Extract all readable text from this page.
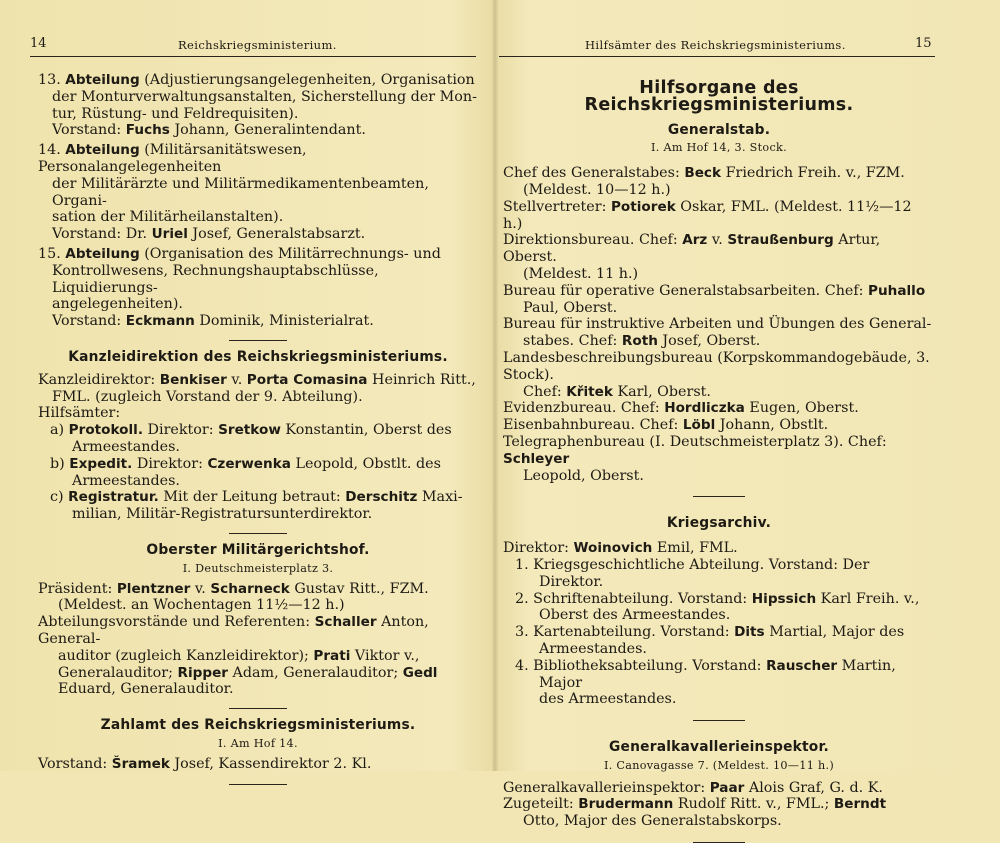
14	Reichskriegsministerium.

13. Abteilung (Adjustierungsangelegenheiten, Organisation

der Monturverwaltungsanstalten, Sicherstellung der Mon-

tur, Rüstung- und Feldrequisiten).

Vorstand: Fuchs Johann, Generalintendant.

14. Abteilung (Militärsanitätswesen, Personalangelegenheiten

der Militärärzte und Militärmedikamentenbeamten, Organi-

sation der Militärheilanstalten).

Vorstand: Dr. Uriel Josef, Generalstabsarzt.

15. Abteilung (Organisation des Militärrechnungs- und

Kontrollwesens, Rechnungshauptabschlüsse, Liquidierungs-

angelegenheiten).

Vorstand: Eckmann Dominik, Ministerialrat.

Kanzleidirektion des Reichskriegsministeriums.

Kanzleidirektor: Benkiser v. Porta Comasina Heinrich Ritt.,

FML. (zugleich Vorstand der 9. Abteilung).

Hilfsämter:

a) Protokoll. Direktor: Sretkow Konstantin, Oberst des

Armeestandes.

b) Expedit. Direktor: Czerwenka Leopold, Obstlt. des

Armeestandes.

c) Registratur. Mit der Leitung betraut: Derschitz Maxi-

milian, Militär-Registratursunterdirektor.

Oberster Militärgerichtshof.

I. Deutschmeisterplatz 3.

Präsident: Plentzner v. Scharneck Gustav Ritt., FZM.

(Meldest. an Wochentagen 11½—12 h.)

Abteilungsvorstände und Referenten: Schaller Anton, General-

auditor (zugleich Kanzleidirektor); Prati Viktor v.,

Generalauditor; Ripper Adam, Generalauditor; Gedl

Eduard, Generalauditor.

Zahlamt des Reichskriegsministeriums.

I. Am Hof 14.

Vorstand: Šramek Josef, Kassendirektor 2. Kl.

Hilfsämter des Reichskriegsministeriums.	15

Hilfsorgane des Reichskriegsministeriums.

Generalstab.

I. Am Hof 14, 3. Stock.

Chef des Generalstabes: Beck Friedrich Freih. v., FZM.

(Meldest. 10—12 h.)

Stellvertreter: Potiorek Oskar, FML. (Meldest. 11½—12 h.)

Direktionsbureau. Chef: Arz v. Straußenburg Artur, Oberst.

(Meldest. 11 h.)

Bureau für operative Generalstabsarbeiten. Chef: Puhallo

Paul, Oberst.

Bureau für instruktive Arbeiten und Übungen des General-

stabes. Chef: Roth Josef, Oberst.

Landesbeschreibungsbureau (Korpskommandogebäude, 3. Stock).

Chef: Křitek Karl, Oberst.

Evidenzbureau. Chef: Hordliczka Eugen, Oberst.

Eisenbahnbureau. Chef: Löbl Johann, Obstlt.

Telegraphenbureau (I. Deutschmeisterplatz 3). Chef: Schleyer

Leopold, Oberst.

Kriegsarchiv.

Direktor: Woinovich Emil, FML.

1. Kriegsgeschichtliche Abteilung. Vorstand: Der Direktor.

2. Schriftenabteilung. Vorstand: Hipssich Karl Freih. v.,

Oberst des Armeestandes.

3. Kartenabteilung. Vorstand: Dits Martial, Major des

Armeestandes.

4. Bibliotheksabteilung. Vorstand: Rauscher Martin, Major

des Armeestandes.

Generalkavallerieinspektor.

I. Canovagasse 7. (Meldest. 10—11 h.)

Generalkavallerieinspektor: Paar Alois Graf, G. d. K.

Zugeteilt: Brudermann Rudolf Ritt. v., FML.; Berndt

Otto, Major des Generalstabskorps.
